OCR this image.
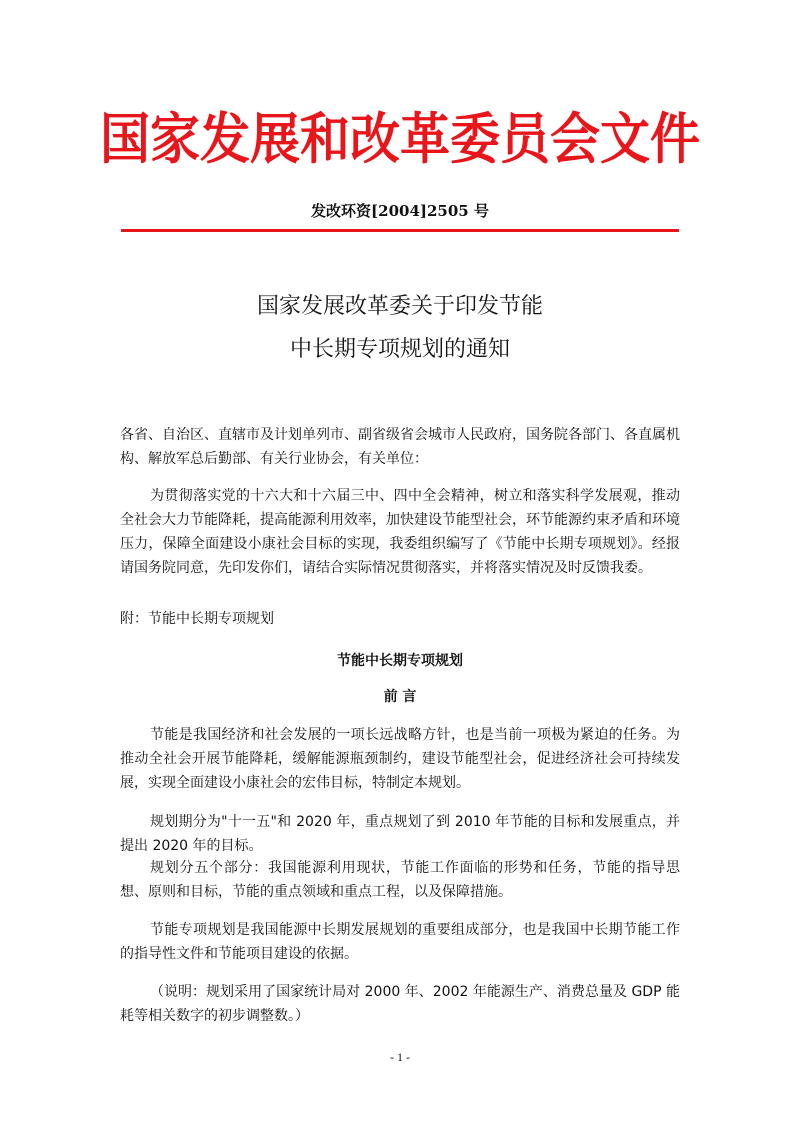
国家发展和改革委员会文件
发改环资[2004]2505 号
国家发展改革委关于印发节能
中长期专项规划的通知

各省、自治区、直辖市及计划单列市、副省级省会城市人民政府，国务院各部门、各直属机构、解放军总后勤部、有关行业协会，有关单位：

为贯彻落实党的十六大和十六届三中、四中全会精神，树立和落实科学发展观，推动全社会大力节能降耗，提高能源利用效率，加快建设节能型社会，环节能源约束矛盾和环境压力，保障全面建设小康社会目标的实现，我委组织编写了《节能中长期专项规划》。经报请国务院同意，先印发你们，请结合实际情况贯彻落实，并将落实情况及时反馈我委。

附：节能中长期专项规划

节能中长期专项规划
前 言

节能是我国经济和社会发展的一项长远战略方针，也是当前一项极为紧迫的任务。为推动全社会开展节能降耗，缓解能源瓶颈制约，建设节能型社会，促进经济社会可持续发展，实现全面建设小康社会的宏伟目标，特制定本规划。

规划期分为"十一五"和 2020 年，重点规划了到 2010 年节能的目标和发展重点，并提出 2020 年的目标。

规划分五个部分：我国能源利用现状，节能工作面临的形势和任务，节能的指导思想、原则和目标，节能的重点领域和重点工程，以及保障措施。

节能专项规划是我国能源中长期发展规划的重要组成部分，也是我国中长期节能工作的指导性文件和节能项目建设的依据。

（说明：规划采用了国家统计局对 2000 年、2002 年能源生产、消费总量及 GDP 能耗等相关数字的初步调整数。）

- 1 -
